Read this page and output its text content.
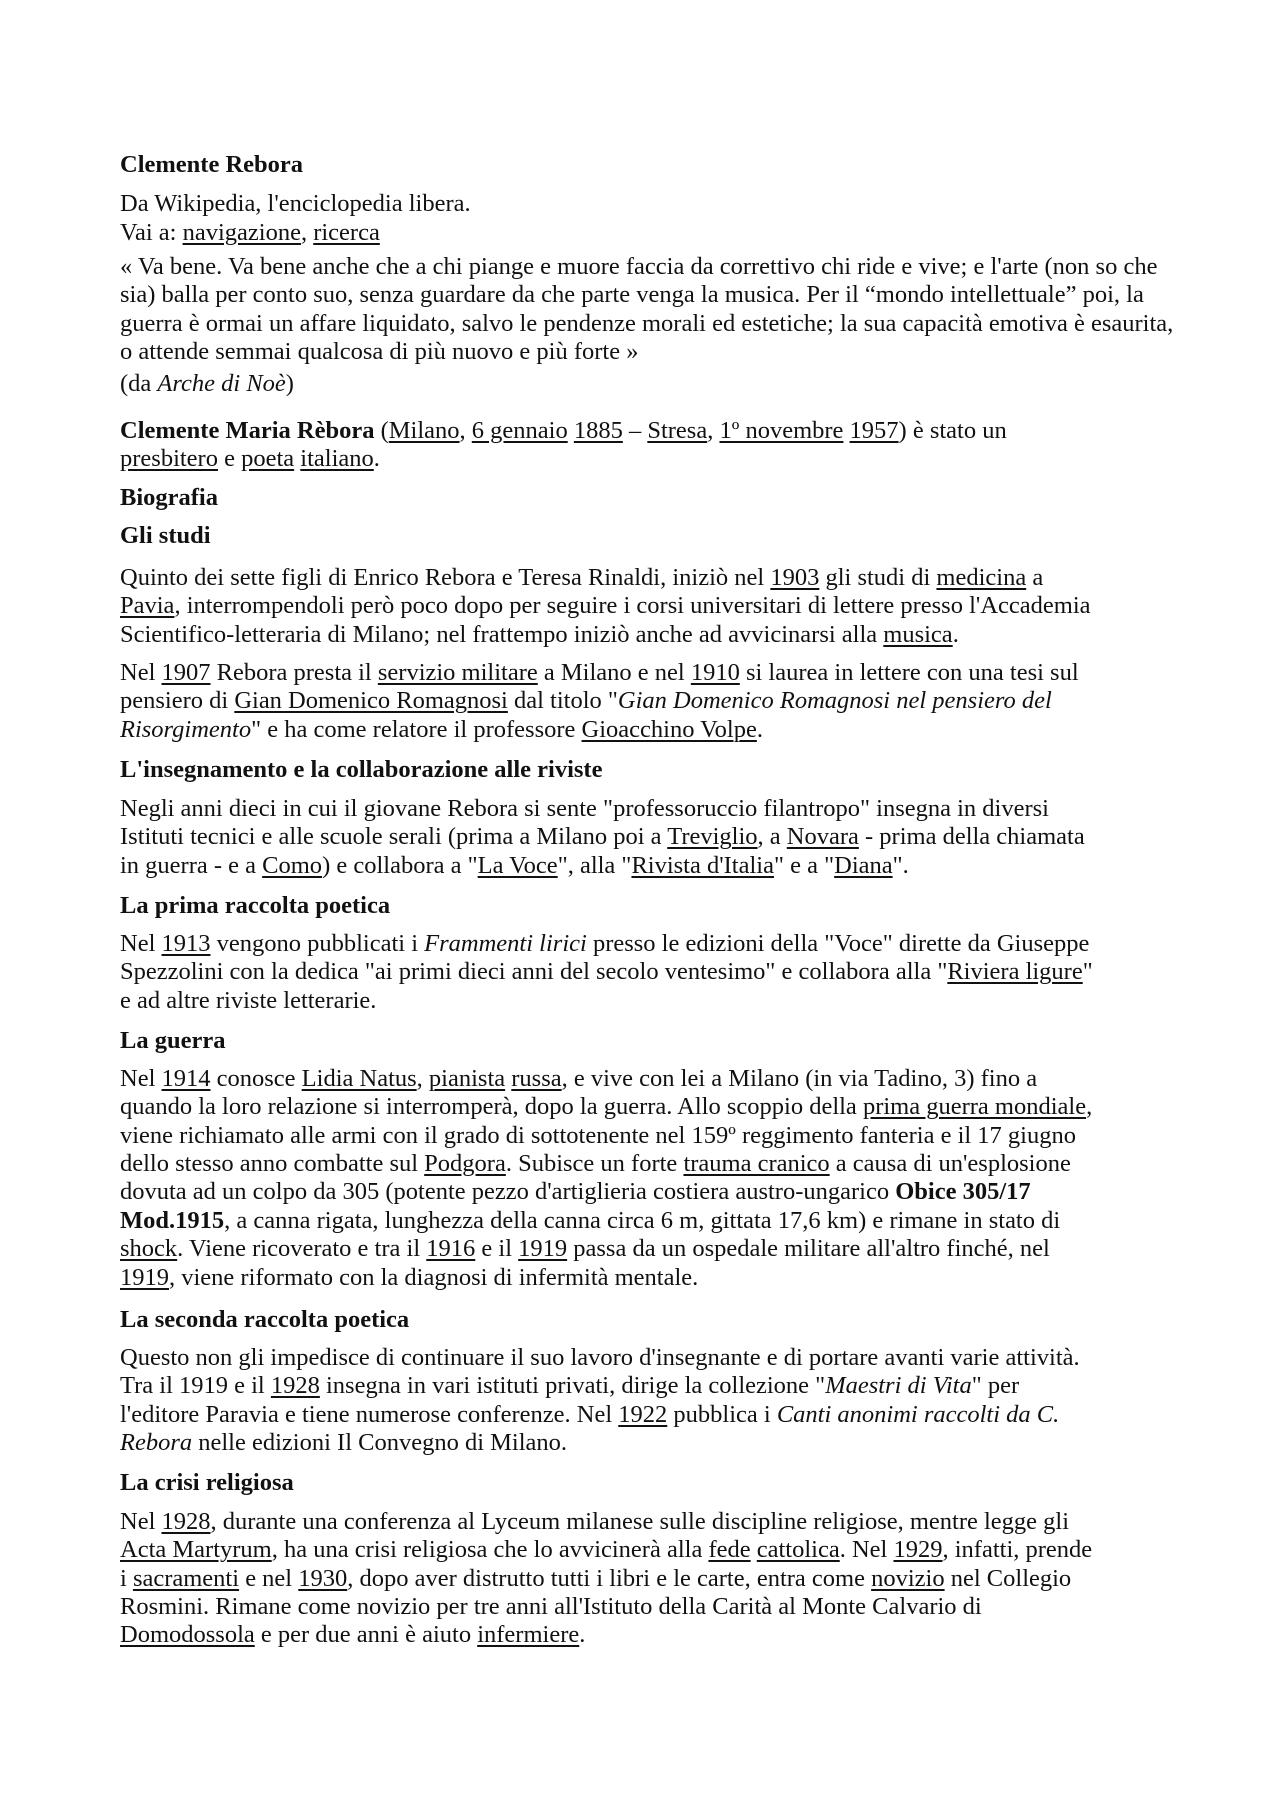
Clemente Rebora
Da Wikipedia, l'enciclopedia libera.
Vai a: navigazione, ricerca
« Va bene. Va bene anche che a chi piange e muore faccia da correttivo chi ride e vive; e l'arte (non so che
sia) balla per conto suo, senza guardare da che parte venga la musica. Per il “mondo intellettuale” poi, la
guerra è ormai un affare liquidato, salvo le pendenze morali ed estetiche; la sua capacità emotiva è esaurita,
o attende semmai qualcosa di più nuovo e più forte »
(da Arche di Noè)
Clemente Maria Rèbora (Milano, 6 gennaio 1885 – Stresa, 1º novembre 1957) è stato un
presbitero e poeta italiano.
Biografia
Gli studi
Quinto dei sette figli di Enrico Rebora e Teresa Rinaldi, iniziò nel 1903 gli studi di medicina a
Pavia, interrompendoli però poco dopo per seguire i corsi universitari di lettere presso l'Accademia
Scientifico-letteraria di Milano; nel frattempo iniziò anche ad avvicinarsi alla musica.
Nel 1907 Rebora presta il servizio militare a Milano e nel 1910 si laurea in lettere con una tesi sul
pensiero di Gian Domenico Romagnosi dal titolo "Gian Domenico Romagnosi nel pensiero del
Risorgimento" e ha come relatore il professore Gioacchino Volpe.
L'insegnamento e la collaborazione alle riviste
Negli anni dieci in cui il giovane Rebora si sente "professoruccio filantropo" insegna in diversi
Istituti tecnici e alle scuole serali (prima a Milano poi a Treviglio, a Novara - prima della chiamata
in guerra - e a Como) e collabora a "La Voce", alla "Rivista d'Italia" e a "Diana".
La prima raccolta poetica
Nel 1913 vengono pubblicati i Frammenti lirici presso le edizioni della "Voce" dirette da Giuseppe
Spezzolini con la dedica "ai primi dieci anni del secolo ventesimo" e collabora alla "Riviera ligure"
e ad altre riviste letterarie.
La guerra
Nel 1914 conosce Lidia Natus, pianista russa, e vive con lei a Milano (in via Tadino, 3) fino a
quando la loro relazione si interromperà, dopo la guerra. Allo scoppio della prima guerra mondiale,
viene richiamato alle armi con il grado di sottotenente nel 159º reggimento fanteria e il 17 giugno
dello stesso anno combatte sul Podgora. Subisce un forte trauma cranico a causa di un'esplosione
dovuta ad un colpo da 305 (potente pezzo d'artiglieria costiera austro-ungarico Obice 305/17
Mod.1915, a canna rigata, lunghezza della canna circa 6 m, gittata 17,6 km) e rimane in stato di
shock. Viene ricoverato e tra il 1916 e il 1919 passa da un ospedale militare all'altro finché, nel
1919, viene riformato con la diagnosi di infermità mentale.
La seconda raccolta poetica
Questo non gli impedisce di continuare il suo lavoro d'insegnante e di portare avanti varie attività.
Tra il 1919 e il 1928 insegna in vari istituti privati, dirige la collezione "Maestri di Vita" per
l'editore Paravia e tiene numerose conferenze. Nel 1922 pubblica i Canti anonimi raccolti da C.
Rebora nelle edizioni Il Convegno di Milano.
La crisi religiosa
Nel 1928, durante una conferenza al Lyceum milanese sulle discipline religiose, mentre legge gli
Acta Martyrum, ha una crisi religiosa che lo avvicinerà alla fede cattolica. Nel 1929, infatti, prende
i sacramenti e nel 1930, dopo aver distrutto tutti i libri e le carte, entra come novizio nel Collegio
Rosmini. Rimane come novizio per tre anni all'Istituto della Carità al Monte Calvario di
Domodossola e per due anni è aiuto infermiere.
